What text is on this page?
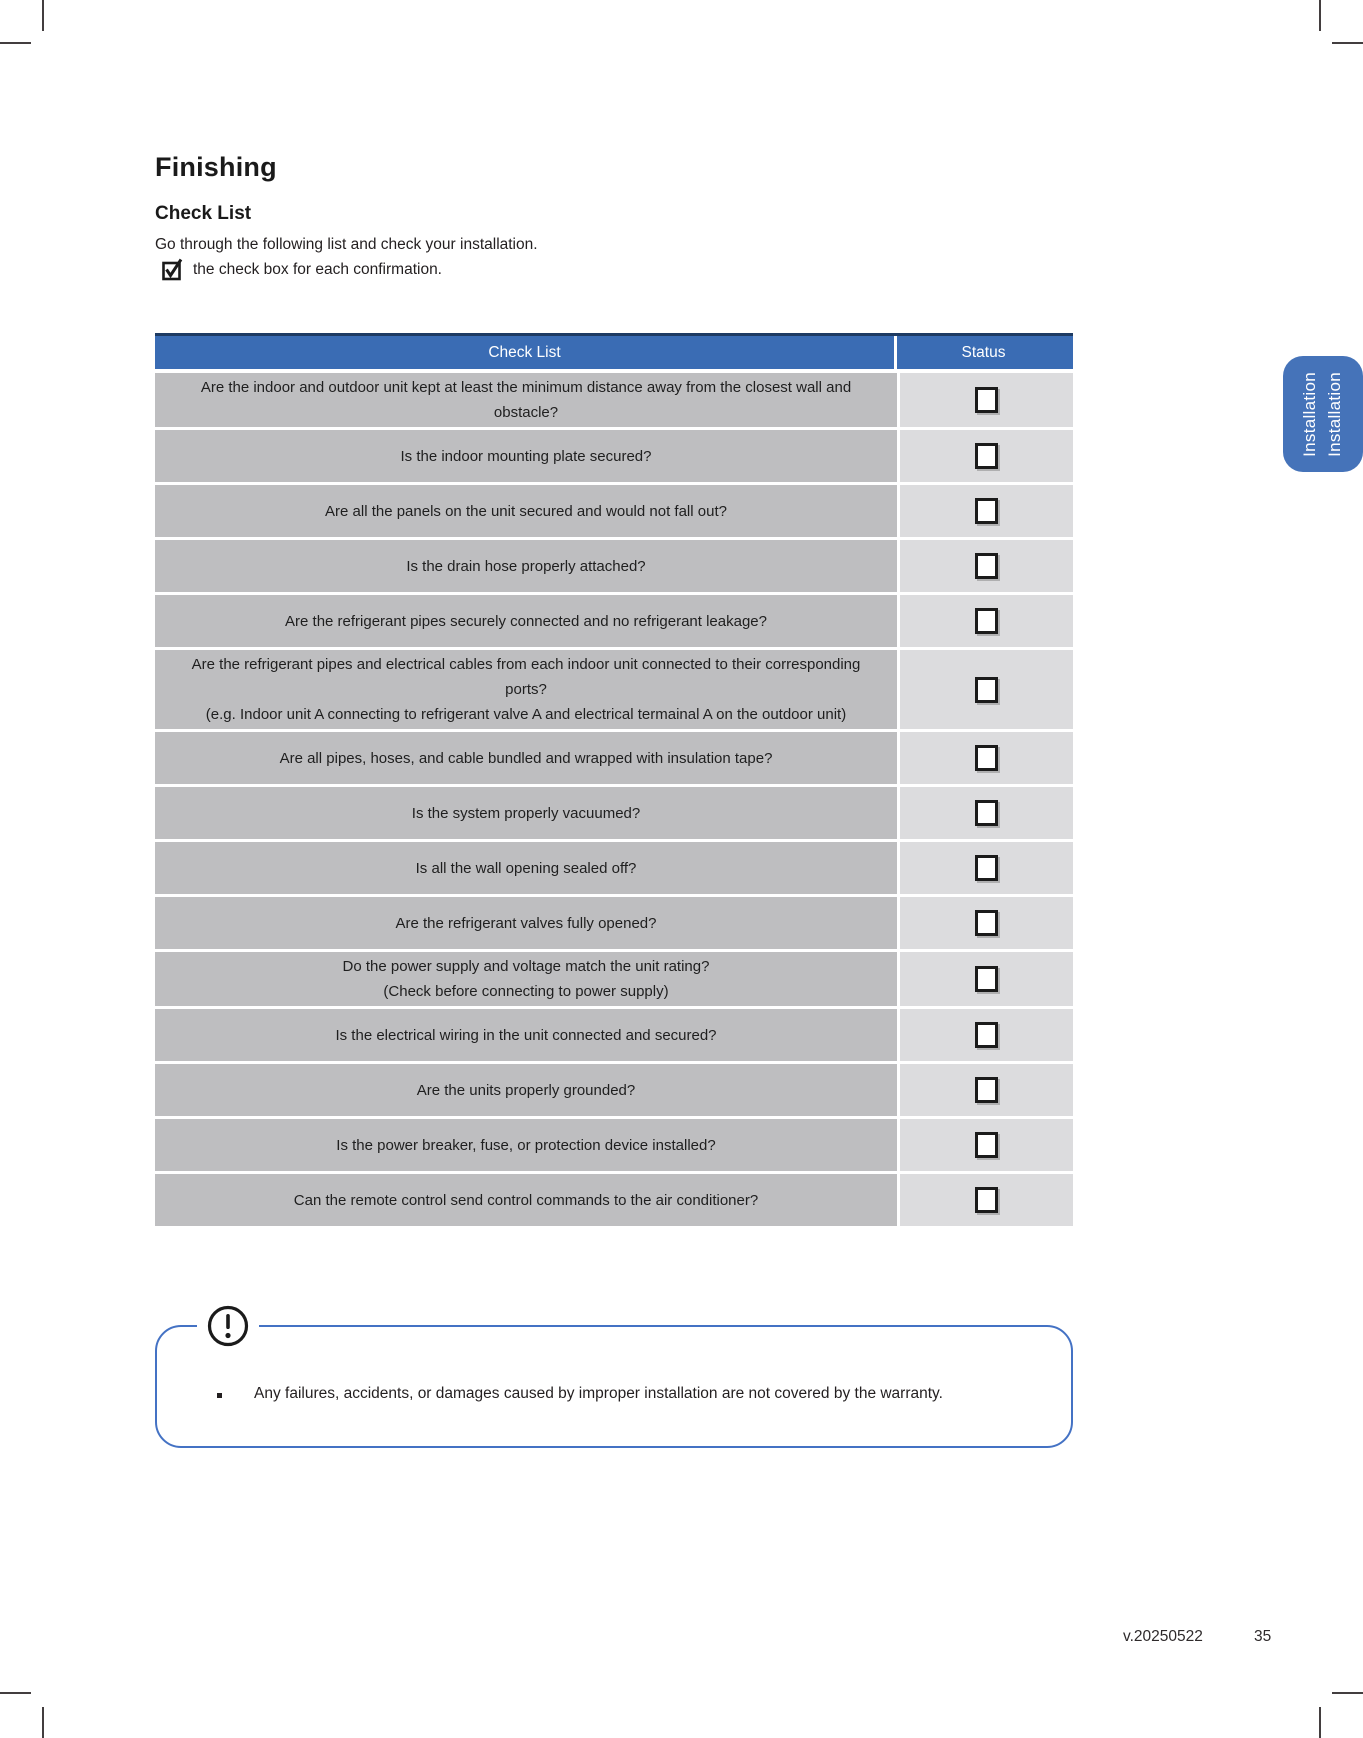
Finishing
Check List
Go through the following list and check your installation.
the check box for each confirmation.
Check List	Status
Are the indoor and outdoor unit kept at least the minimum distance away from the closest wall and obstacle?
Is the indoor mounting plate secured?
Are all the panels on the unit secured and would not fall out?
Is the drain hose properly attached?
Are the refrigerant pipes securely connected and no refrigerant leakage?
Are the refrigerant pipes and electrical cables from each indoor unit connected to their corresponding ports?
(e.g. Indoor unit A connecting to refrigerant valve A and electrical termainal A on the outdoor unit)
Are all pipes, hoses, and cable bundled and wrapped with insulation tape?
Is the system properly vacuumed?
Is all the wall opening sealed off?
Are the refrigerant valves fully opened?
Do the power supply and voltage match the unit rating?
(Check before connecting to power supply)
Is the electrical wiring in the unit connected and secured?
Are the units properly grounded?
Is the power breaker, fuse, or protection device installed?
Can the remote control send control commands to the air conditioner?
Any failures, accidents, or damages caused by improper installation are not covered by the warranty.
Installation Installation
v.20250522	35
